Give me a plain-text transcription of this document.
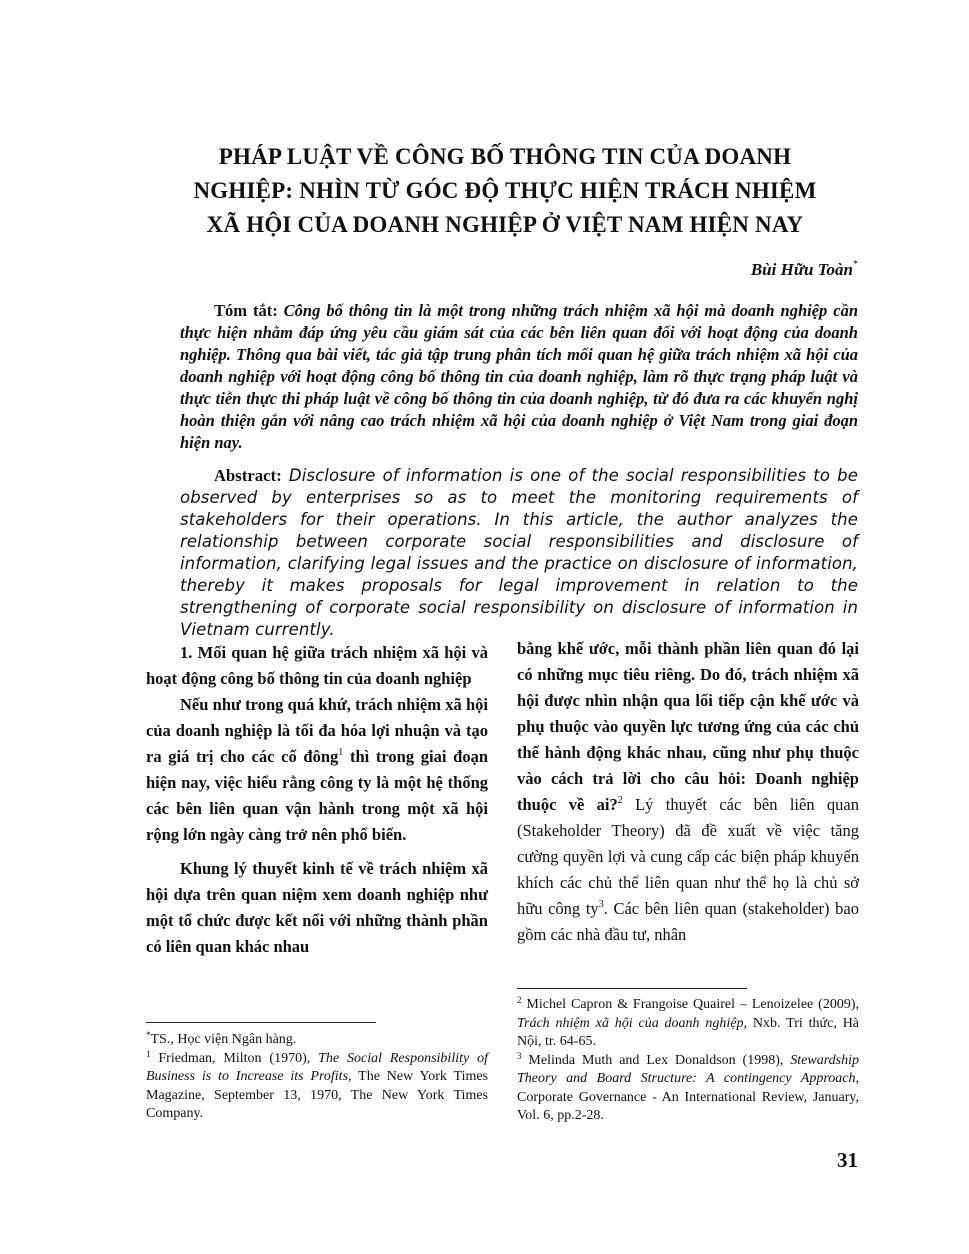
PHÁP LUẬT VỀ CÔNG BỐ THÔNG TIN CỦA DOANH
NGHIỆP: NHÌN TỪ GÓC ĐỘ THỰC HIỆN TRÁCH NHIỆM
XÃ HỘI CỦA DOANH NGHIỆP Ở VIỆT NAM HIỆN NAY
Bùi Hữu Toàn*
Tóm tắt: Công bố thông tin là một trong những trách nhiệm xã hội mà doanh nghiệp cần thực hiện nhằm đáp ứng yêu cầu giám sát của các bên liên quan đối với hoạt động của doanh nghiệp. Thông qua bài viết, tác giả tập trung phân tích mối quan hệ giữa trách nhiệm xã hội của doanh nghiệp với hoạt động công bố thông tin của doanh nghiệp, làm rõ thực trạng pháp luật và thực tiễn thực thi pháp luật về công bố thông tin của doanh nghiệp, từ đó đưa ra các khuyến nghị hoàn thiện gắn với nâng cao trách nhiệm xã hội của doanh nghiệp ở Việt Nam trong giai đoạn hiện nay.
Abstract: Disclosure of information is one of the social responsibilities to be observed by enterprises so as to meet the monitoring requirements of stakeholders for their operations. In this article, the author analyzes the relationship between corporate social responsibilities and disclosure of information, clarifying legal issues and the practice on disclosure of information, thereby it makes proposals for legal improvement in relation to the strengthening of corporate social responsibility on disclosure of information in Vietnam currently.

1. Mối quan hệ giữa trách nhiệm xã hội và hoạt động công bố thông tin của doanh nghiệp

Nếu như trong quá khứ, trách nhiệm xã hội của doanh nghiệp là tối đa hóa lợi nhuận và tạo ra giá trị cho các cổ đông$^1$ thì trong giai đoạn hiện nay, việc hiểu rằng công ty là một hệ thống các bên liên quan vận hành trong một xã hội rộng lớn ngày càng trở nên phổ biến.

Khung lý thuyết kinh tế về trách nhiệm xã hội dựa trên quan niệm xem doanh nghiệp như một tổ chức được kết nối với những thành phần có liên quan khác nhau

bằng khế ước, mỗi thành phần liên quan đó lại có những mục tiêu riêng. Do đó, trách nhiệm xã hội được nhìn nhận qua lối tiếp cận khế ước và phụ thuộc vào quyền lực tương ứng của các chủ thể hành động khác nhau, cũng như phụ thuộc vào cách trả lời cho câu hỏi: Doanh nghiệp thuộc về ai?$^2$ Lý thuyết các bên liên quan (Stakeholder Theory) đã đề xuất về việc tăng cường quyền lợi và cung cấp các biện pháp khuyến khích các chủ thể liên quan như thể họ là chủ sở hữu công $ty^3$. Các bên liên quan (stakeholder) bao gồm các nhà đầu tư, nhân

*TS., Học viện Ngân hàng.

$^1$ Friedman, Milton (1970), The Social Responsibility of Business is to Increase its Profits, The New York Times Magazine, September 13, 1970, The New York Times Company.

$^2$ Michel Capron & Frangoise Quairel – Lenoizelee (2009), Trách nhiệm xã hội của doanh nghiệp, Nxb. Tri thức, Hà Nội, tr. 64-65.

$^3$ Melinda Muth and Lex Donaldson (1998), Stewardship Theory and Board Structure: A contingency Approach, Corporate Governance - An International Review, January, Vol. 6, pp.2-28.

31
